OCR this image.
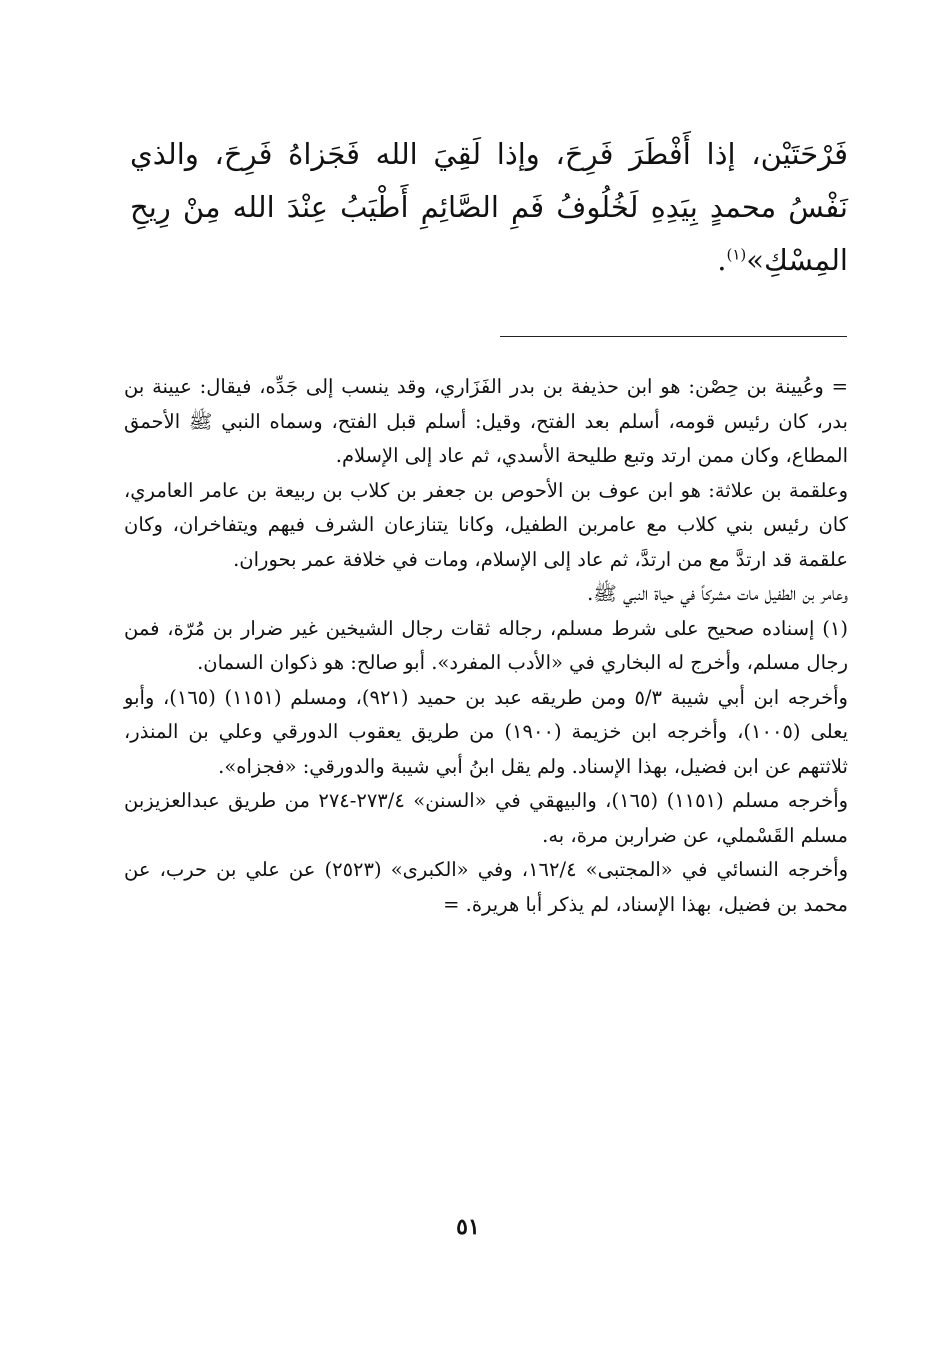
فَرْحَتَيْن، إذا أَفْطَرَ فَرِحَ، وإذا لَقِيَ الله فَجَزاهُ فَرِحَ، والذي نَفْسُ محمدٍ بِيَدِهِ لَخُلُوفُ فَمِ الصَّائِمِ أَطْيَبُ عِنْدَ الله مِنْ رِيحِ المِسْكِ»$^{(١)}$.

= وعُيينة بن حِصْن: هو ابن حذيفة بن بدر الفَزَاري، وقد ينسب إلى جَدِّه، فيقال: عيينة بن بدر، كان رئيس قومه، أسلم بعد الفتح، وقيل: أسلم قبل الفتح، وسماه النبي ﷺ الأحمق المطاع، وكان ممن ارتد وتبع طليحة الأسدي، ثم عاد إلى الإسلام.

وعلقمة بن علاثة: هو ابن عوف بن الأحوص بن جعفر بن كلاب بن ربيعة بن عامر العامري، كان رئيس بني كلاب مع عامربن الطفيل، وكانا يتنازعان الشرف فيهم ويتفاخران، وكان علقمة قد ارتدَّ مع من ارتدَّ، ثم عاد إلى الإسلام، ومات في خلافة عمر بحوران.

وعامر بن الطفيل مات مشركاً في حياة النبي ﷺ.

(١) إسناده صحيح على شرط مسلم، رجاله ثقات رجال الشيخين غير ضرار بن مُرّة، فمن رجال مسلم، وأخرج له البخاري في «الأدب المفرد». أبو صالح: هو ذكوان السمان.

وأخرجه ابن أبي شيبة ٥/٣ ومن طريقه عبد بن حميد (٩٢١)، ومسلم (١١٥١) (١٦٥)، وأبو يعلى (١٠٠٥)، وأخرجه ابن خزيمة (١٩٠٠) من طريق يعقوب الدورقي وعلي بن المنذر، ثلاثتهم عن ابن فضيل، بهذا الإسناد. ولم يقل ابنُ أبي شيبة والدورقي: «فجزاه».

وأخرجه مسلم (١١٥١) (١٦٥)، والبيهقي في «السنن» ٢٧٣/٤-٢٧٤ من طريق عبدالعزيزبن مسلم القَسْملي، عن ضراربن مرة، به.

وأخرجه النسائي في «المجتبى» ١٦٢/٤، وفي «الكبرى» (٢٥٢٣) عن علي بن حرب، عن محمد بن فضيل، بهذا الإسناد، لم يذكر أبا هريرة. =

٥١
